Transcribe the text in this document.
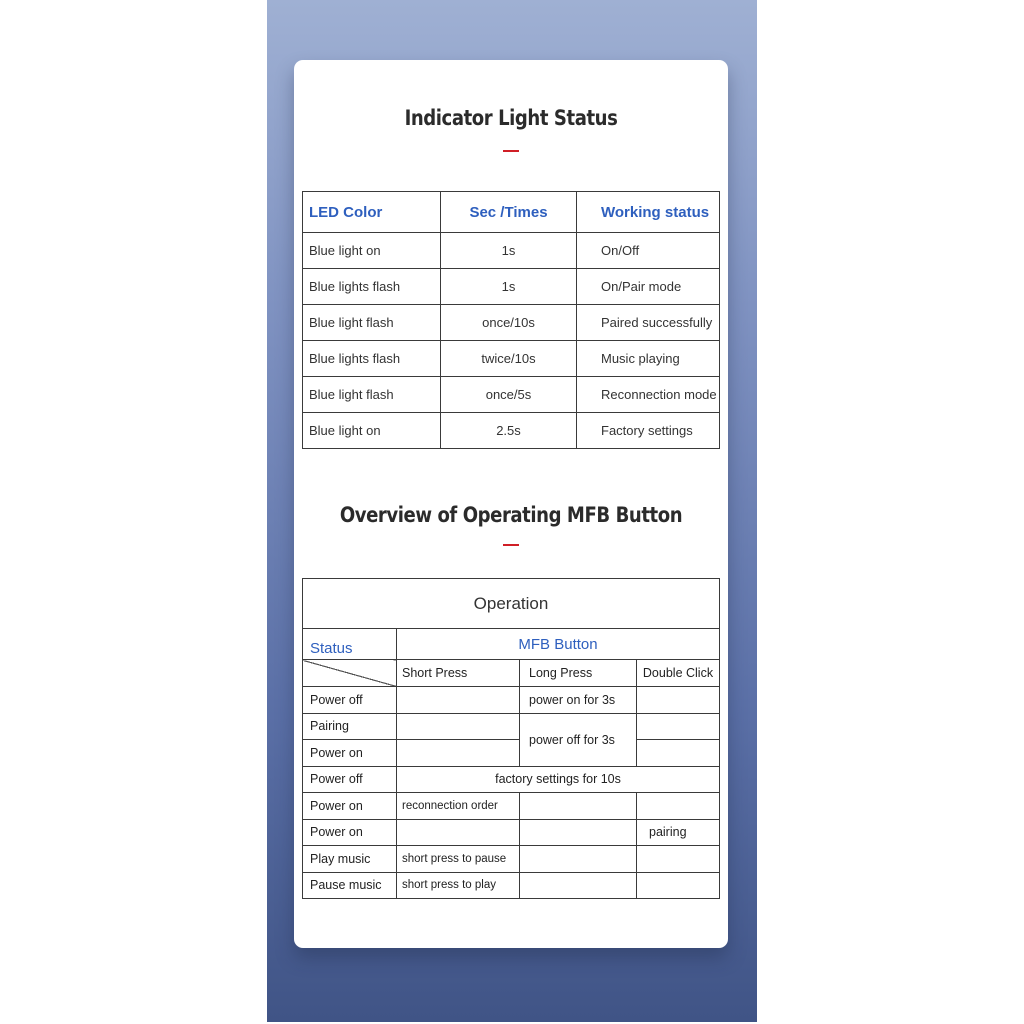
Indicator Light Status
LED Color	Sec /Times	Working status
Blue light on	1s	On/Off
Blue lights flash	1s	On/Pair mode
Blue light flash	once/10s	Paired successfully
Blue lights flash	twice/10s	Music playing
Blue light flash	once/5s	Reconnection mode
Blue light on	2.5s	Factory settings
Overview of Operating MFB Button
Operation			
Status	MFB Button		
	Short Press	Long Press	Double Click
Power off		power on for 3s	
Pairing		power off for 3s	
Power on			
Power off	factory settings for 10s		
Power on	reconnection order		
Power on			pairing
Play music	short press to pause		
Pause music	short press to play		
